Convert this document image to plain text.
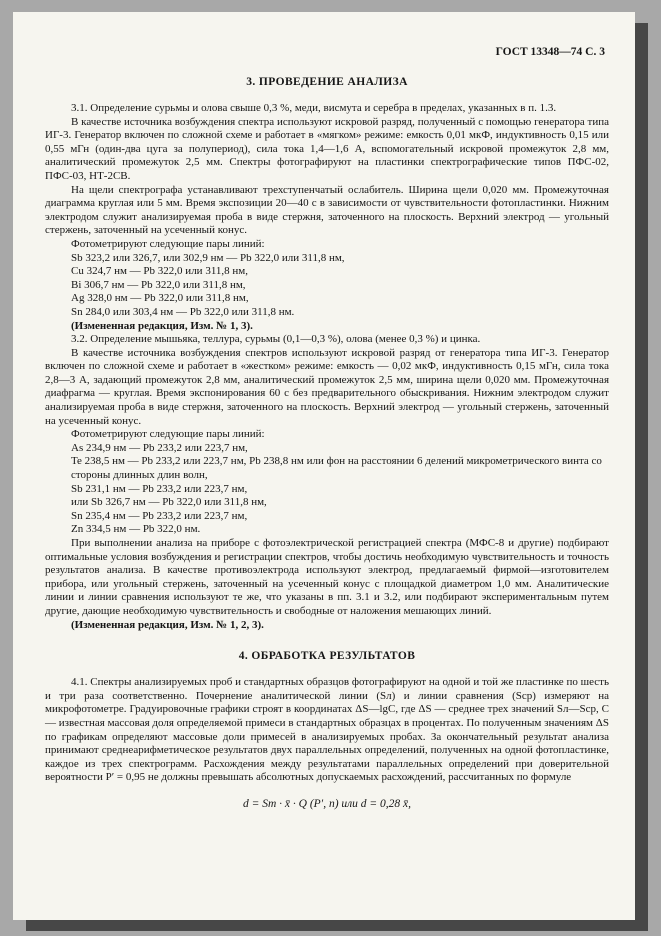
ГОСТ 13348—74 С. 3
3. ПРОВЕДЕНИЕ АНАЛИЗА

3.1. Определение сурьмы и олова свыше 0,3 %, меди, висмута и серебра в пределах, указанных в п. 1.3.

В качестве источника возбуждения спектра используют искровой разряд, полученный с помощью генератора типа ИГ-3. Генератор включен по сложной схеме и работает в «мягком» режиме: емкость 0,01 мкФ, индуктивность 0,15 или 0,55 мГн (один-два цуга за полупериод), сила тока 1,4—1,6 А, вспомогательный искровой промежуток 2,8 мм, аналитический промежуток 2,5 мм. Спектры фотографируют на пластинки спектрографические типов ПФС-02, ПФС-03, НТ-2СВ.

На щели спектрографа устанавливают трехступенчатый ослабитель. Ширина щели 0,020 мм. Промежуточная диаграмма круглая или 5 мм. Время экспозиции 20—40 с в зависимости от чувствительности фотопластинки. Нижним электродом служит анализируемая проба в виде стержня, заточенного на плоскость. Верхний электрод — угольный стержень, заточенный на усеченный конус.

Фотометрируют следующие пары линий:

Sb 323,2 или 326,7, или 302,9 нм — Pb 322,0 или 311,8 нм,
Cu 324,7 нм — Pb 322,0 или 311,8 нм,
Bi 306,7 нм — Pb 322,0 или 311,8 нм,
Ag 328,0 нм — Pb 322,0 или 311,8 нм,
Sn 284,0 или 303,4 нм — Pb 322,0 или 311,8 нм.

(Измененная редакция, Изм. № 1, 3).

3.2. Определение мышьяка, теллура, сурьмы (0,1—0,3 %), олова (менее 0,3 %) и цинка.

В качестве источника возбуждения спектров используют искровой разряд от генератора типа ИГ-3. Генератор включен по сложной схеме и работает в «жестком» режиме: емкость — 0,02 мкФ, индуктивность 0,15 мГн, сила тока 2,8—3 А, задающий промежуток 2,8 мм, аналитический промежуток 2,5 мм, ширина щели 0,020 мм. Промежуточная диафрагма — круглая. Время экспонирования 60 с без предварительного обыскривания. Нижним электродом служит анализируемая проба в виде стержня, заточенного на плоскость. Верхний электрод — угольный стержень, заточенный на усеченный конус.

Фотометрируют следующие пары линий:

As 234,9 нм — Pb 233,2 или 223,7 нм,
Te 238,5 нм — Pb 233,2 или 223,7 нм, Pb 238,8 нм или фон на расстоянии 6 делений микрометрического винта со стороны длинных длин волн,
Sb 231,1 нм — Pb 233,2 или 223,7 нм,
или Sb 326,7 нм — Pb 322,0 или 311,8 нм,
Sn 235,4 нм — Pb 233,2 или 223,7 нм,
Zn 334,5 нм — Pb 322,0 нм.

При выполнении анализа на приборе с фотоэлектрической регистрацией спектра (МФС-8 и другие) подбирают оптимальные условия возбуждения и регистрации спектров, чтобы достичь необходимую чувствительность и точность результатов анализа. В качестве противоэлектрода используют электрод, предлагаемый фирмой—изготовителем прибора, или угольный стержень, заточенный на усеченный конус с площадкой диаметром 1,0 мм. Аналитические линии и линии сравнения используют те же, что указаны в пп. 3.1 и 3.2, или подбирают экспериментальным путем другие, дающие необходимую чувствительность и свободные от наложения мешающих линий.

(Измененная редакция, Изм. № 1, 2, 3).

4. ОБРАБОТКА РЕЗУЛЬТАТОВ

4.1. Спектры анализируемых проб и стандартных образцов фотографируют на одной и той же пластинке по шесть и три раза соответственно. Почернение аналитической линии (Sл) и линии сравнения (Sср) измеряют на микрофотометре. Градуировочные графики строят в координатах ΔS—lgC, где ΔS — среднее трех значений Sл—Sср, С — известная массовая доля определяемой примеси в стандартных образцах в процентах. По полученным значениям ΔS по графикам определяют массовые доли примесей в анализируемых пробах. За окончательный результат анализа принимают среднеарифметическое результатов двух параллельных определений, полученных на одной фотопластинке, каждое из трех спектрограмм. Расхождения между результатами параллельных определений при доверительной вероятности P′ = 0,95 не должны превышать абсолютных допускаемых расхождений, рассчитанных по формуле

d = Sт · x̄ · Q (P′, n) или d = 0,28 x̄,
